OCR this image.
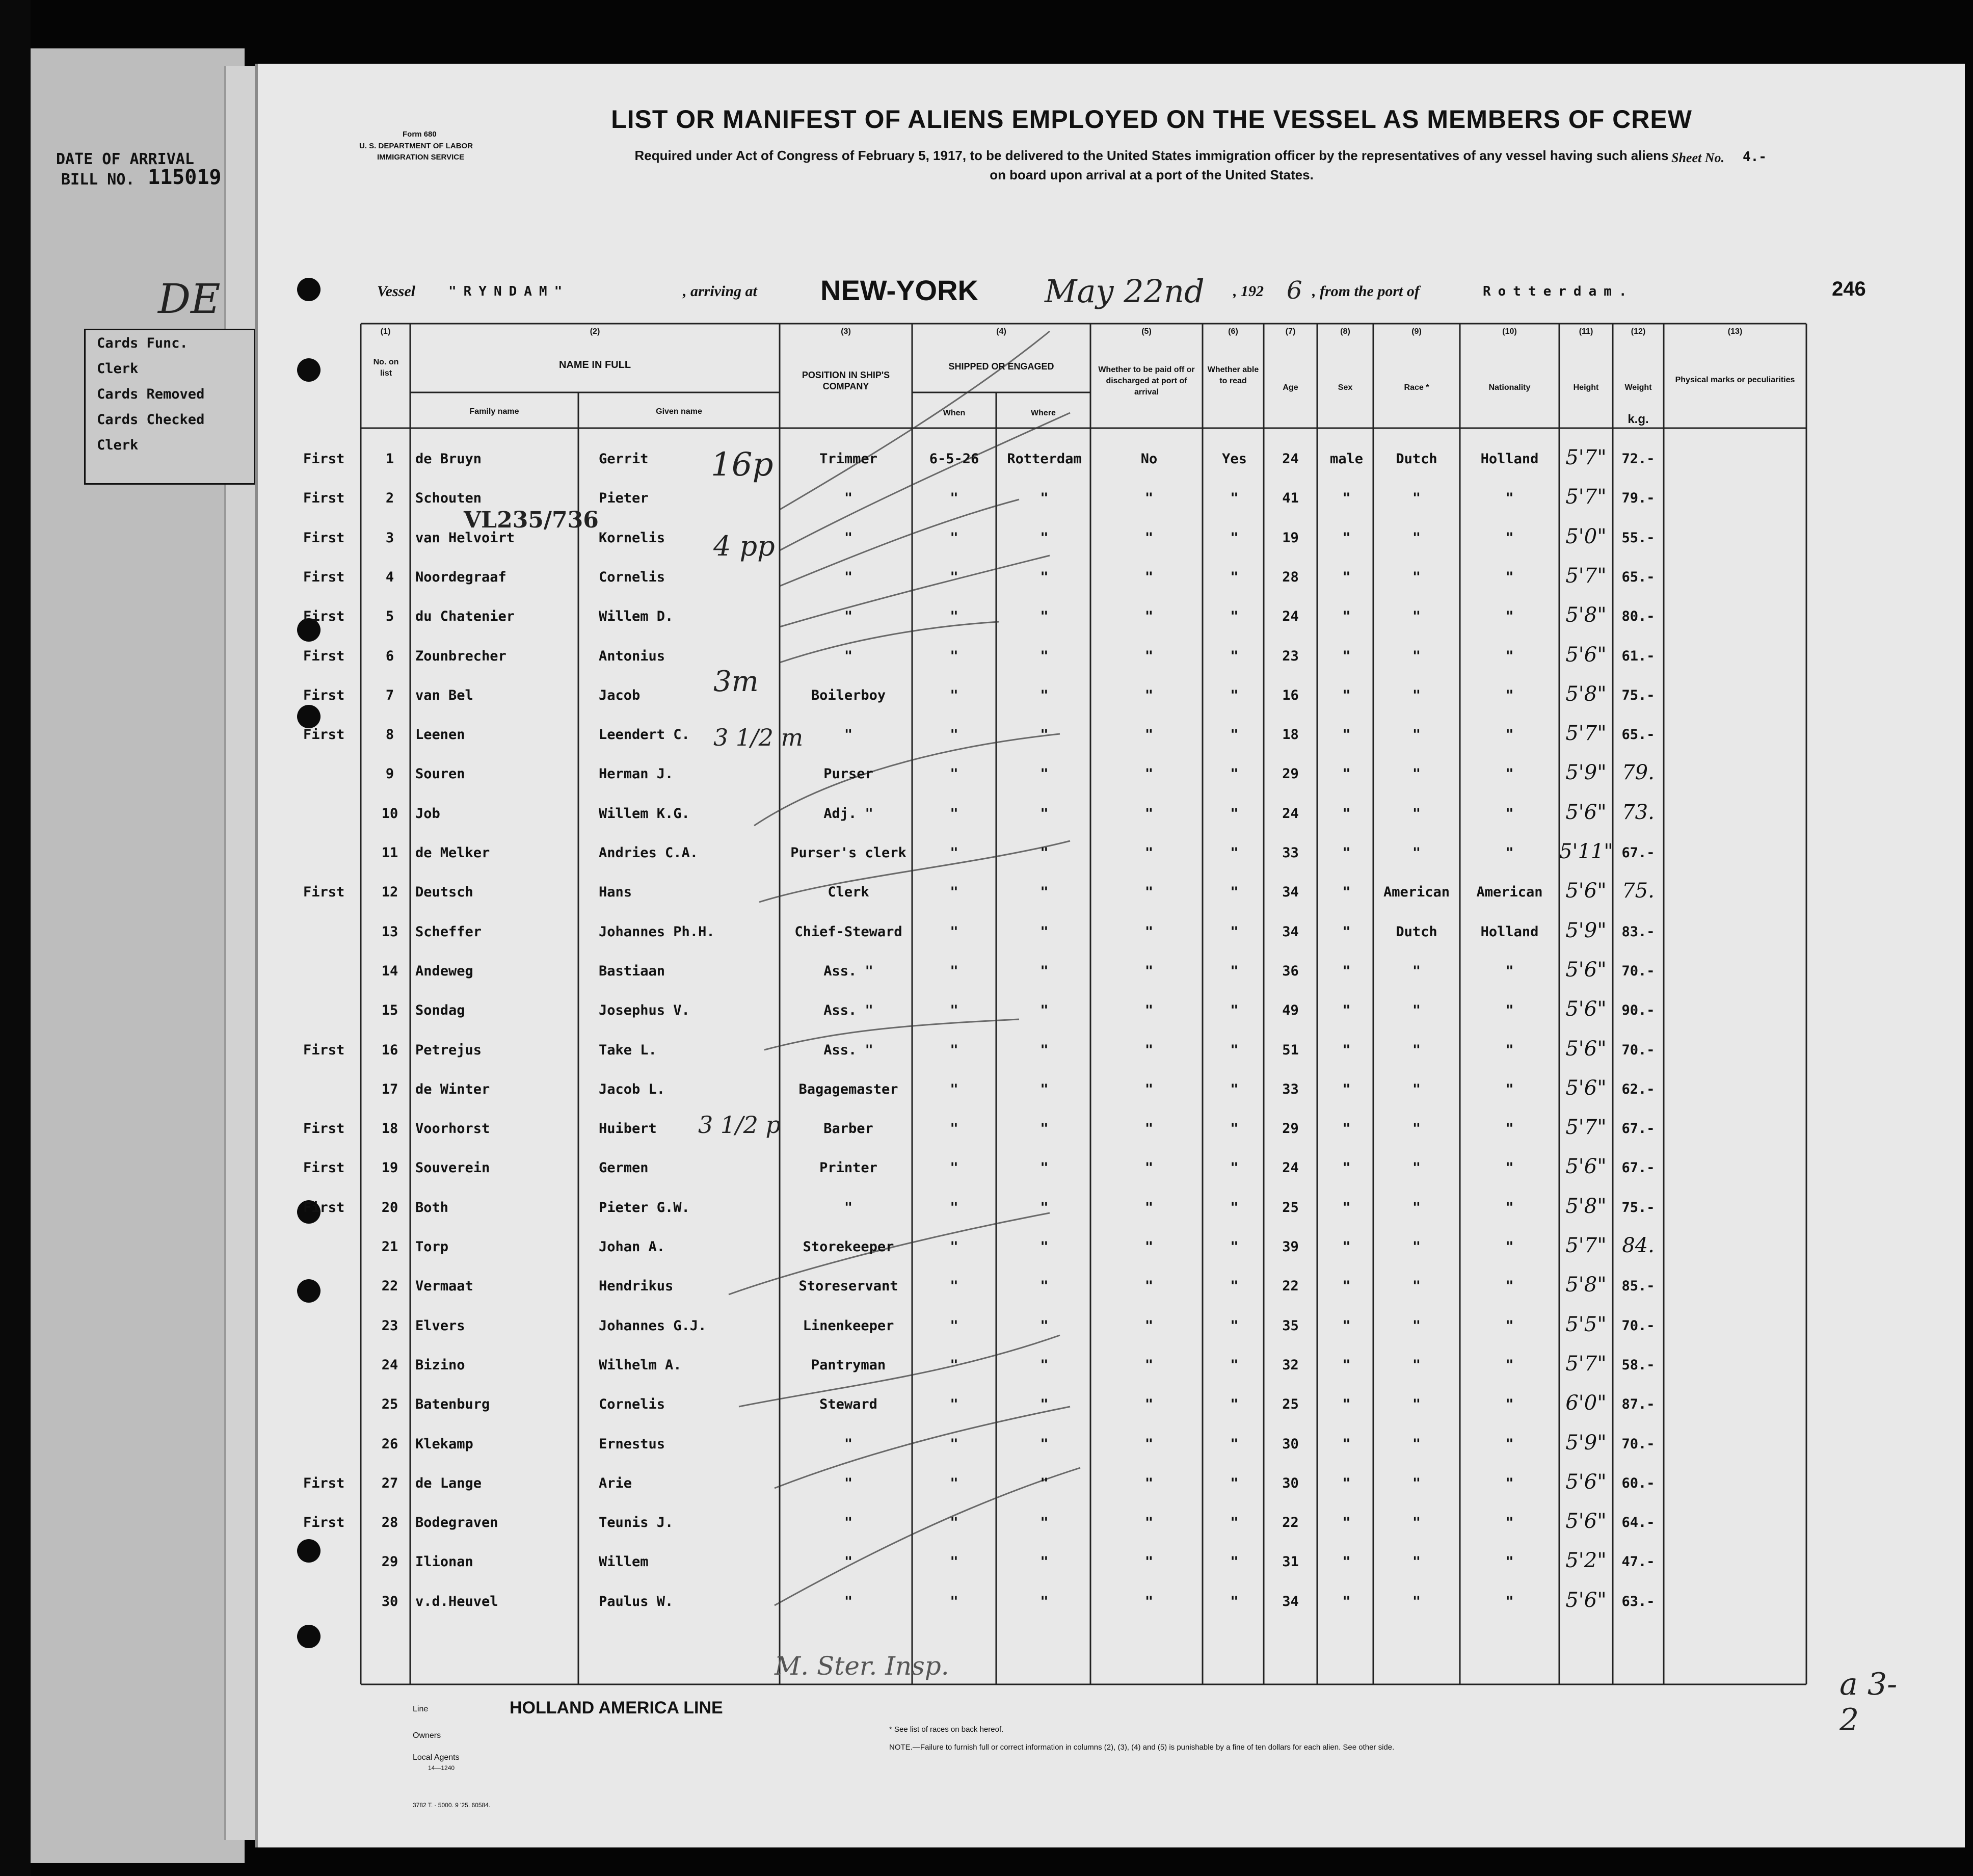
DATE OF ARRIVAL
BILL NO. 115019
DE
Cards Func.
Clerk
Cards Removed
Cards Checked
Clerk
Form 680
U. S. DEPARTMENT OF LABOR
IMMIGRATION SERVICE	Sheet No. 4.-
LIST OR MANIFEST OF ALIENS EMPLOYED ON THE VESSEL AS MEMBERS OF CREW
Required under Act of Congress of February 5, 1917, to be delivered to the United States immigration officer by the representatives of any vessel having such aliens
on board upon arrival at a port of the United States.
Vessel	"RYNDAM"	, arriving at NEW-YORK May 22nd , 192 6 , from the port of	Rotterdam.	246
(1)
No. on list
(2)
NAME IN FULL
Family name	Given name
(3)
POSITION IN SHIP'S COMPANY
(4)
SHIPPED OR ENGAGED
When	Where
(5)
Whether to be paid off or discharged at port of arrival
(6)
Whether able to read
(7)
Age
(8)
Sex
(9)
Race *
(10)
Nationality
(11)
Height
(12)
Weight
k.g.
(13)
Physical marks or peculiarities
First	1	de Bruyn	Gerrit	Trimmer	6-5-26	Rotterdam	No	Yes	24	male	Dutch	Holland	5'7"	72.-
First	2	Schouten	Pieter	"	"	"	"	"	41	"	"	"	5'7"	79.-
First	3	van Helvoirt	Kornelis	"	"	"	"	"	19	"	"	"	5'0"	55.-
First	4	Noordegraaf	Cornelis	"	"	"	"	"	28	"	"	"	5'7"	65.-
First	5	du Chatenier	Willem D.	"	"	"	"	"	24	"	"	"	5'8"	80.-
First	6	Zounbrecher	Antonius	"	"	"	"	"	23	"	"	"	5'6"	61.-
First	7	van Bel	Jacob	Boilerboy	"	"	"	"	16	"	"	"	5'8"	75.-
First	8	Leenen	Leendert C.	"	"	"	"	"	18	"	"	"	5'7"	65.-
9	Souren	Herman J.	Purser	"	"	"	"	29	"	"	"	5'9" 79.
10	Job	Willem K.G.	Adj. "	"	"	"	"	24	"	"	"	5'6" 73.
11	de Melker	Andries C.A.	Purser's clerk	"	"	"	"	33	"	"	"	5'11" 67.-
First	12	Deutsch	Hans	Clerk	"	"	"	"	34	"	American	American	5'6" 75.
13	Scheffer	Johannes Ph.H.	Chief-Steward	"	"	"	"	34	"	Dutch	Holland	5'9"	83.-
14	Andeweg	Bastiaan	Ass. "	"	"	"	"	36	"	"	"	5'6"	70.-
15	Sondag	Josephus V.	Ass. "	"	"	"	"	49	"	"	"	5'6"	90.-
First	16	Petrejus	Take L.	Ass. "	"	"	"	"	51	"	"	"	5'6"	70.-
17	de Winter	Jacob L.	Bagagemaster	"	"	"	"	33	"	"	"	5'6"	62.-
First	18	Voorhorst	Huibert	Barber	"	"	"	"	29	"	"	"	5'7"	67.-
First	19	Souverein	Germen	Printer	"	"	"	"	24	"	"	"	5'6"	67.-
First	20	Both	Pieter G.W.	"	"	"	"	"	25	"	"	"	5'8"	75.-
21	Torp	Johan A.	Storekeeper	"	"	"	"	39	"	"	"	5'7" 84.
22	Vermaat	Hendrikus	Storeservant	"	"	"	"	22	"	"	"	5'8"	85.-
23	Elvers	Johannes G.J.	Linenkeeper	"	"	"	"	35	"	"	"	5'5"	70.-
24	Bizino	Wilhelm A.	Pantryman	"	"	"	"	32	"	"	"	5'7"	58.-
25	Batenburg	Cornelis	Steward	"	"	"	"	25	"	"	"	6'0"	87.-
26	Klekamp	Ernestus	"	"	"	"	"	30	"	"	"	5'9"	70.-
First	27	de Lange	Arie	"	"	"	"	"	30	"	"	"	5'6"	60.-
First	28	Bodegraven	Teunis J.	"	"	"	"	"	22	"	"	"	5'6"	64.-
29	Ilionan	Willem	"	"	"	"	"	31	"	"	"	5'2"	47.-
30	v.d.Heuvel	Paulus W.	"	"	"	"	"	34	"	"	"	5'6"	63.-
16p
VL235/736
4 pp
3m
3 1/2 m
3 1/2 p
M. Ster. Insp.
Line	HOLLAND AMERICA LINE
Owners
Local Agents
14—1240
* See list of races on back hereof.
NOTE.—Failure to furnish full or correct information in columns (2), (3), (4) and (5) is punishable by a fine of ten dollars for each alien. See other side.
3782 T. - 5000. 9 '25. 60584.
a 3-2
